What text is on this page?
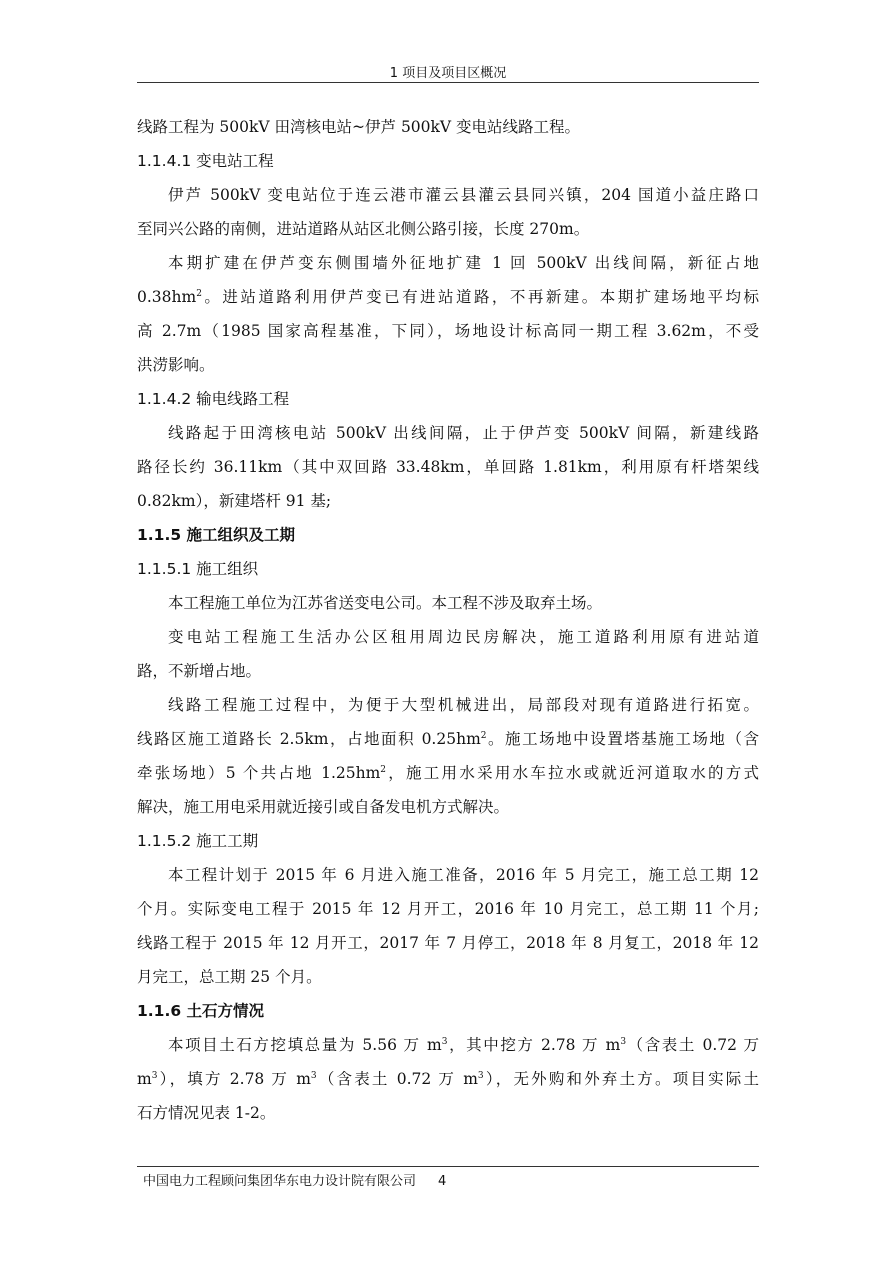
1 项目及项目区概况

线路工程为 500kV 田湾核电站~伊芦 500kV 变电站线路工程。

1.1.4.1 变电站工程

伊芦 500kV 变电站位于连云港市灌云县灌云县同兴镇，204 国道小益庄路口

至同兴公路的南侧，进站道路从站区北侧公路引接，长度 270m。

本期扩建在伊芦变东侧围墙外征地扩建 1 回 500kV 出线间隔，新征占地

$0.38hm^2$。进站道路利用伊芦变已有进站道路，不再新建。本期扩建场地平均标

高 2.7m（1985 国家高程基准，下同），场地设计标高同一期工程 3.62m，不受

洪涝影响。

1.1.4.2 输电线路工程

线路起于田湾核电站 500kV 出线间隔，止于伊芦变 500kV 间隔，新建线路

路径长约 36.11km（其中双回路 33.48km，单回路 1.81km，利用原有杆塔架线

0.82km），新建塔杆 91 基;

1.1.5 施工组织及工期

1.1.5.1 施工组织

本工程施工单位为江苏省送变电公司。本工程不涉及取弃土场。

变电站工程施工生活办公区租用周边民房解决，施工道路利用原有进站道

路，不新增占地。

线路工程施工过程中，为便于大型机械进出，局部段对现有道路进行拓宽。

线路区施工道路长 2.5km，占地面积 $0.25hm^2$。施工场地中设置塔基施工场地（含

牵张场地）5 个共占地 $1.25hm^2$，施工用水采用水车拉水或就近河道取水的方式

解决，施工用电采用就近接引或自备发电机方式解决。

1.1.5.2 施工工期

本工程计划于 2015 年 6 月进入施工准备，2016 年 5 月完工，施工总工期 12

个月。实际变电工程于 2015 年 12 月开工，2016 年 10 月完工，总工期 11 个月;

线路工程于 2015 年 12 月开工，2017 年 7 月停工，2018 年 8 月复工，2018 年 12

月完工，总工期 25 个月。

1.1.6 土石方情况

本项目土石方挖填总量为 5.56 万 $m^3$，其中挖方 2.78 万 $m^3$（含表土 0.72 万

$m^3$），填方 2.78 万 $m^3$（含表土 0.72 万 $m^3$），无外购和外弃土方。项目实际土

石方情况见表 1-2。

中国电力工程顾问集团华东电力设计院有限公司 4
